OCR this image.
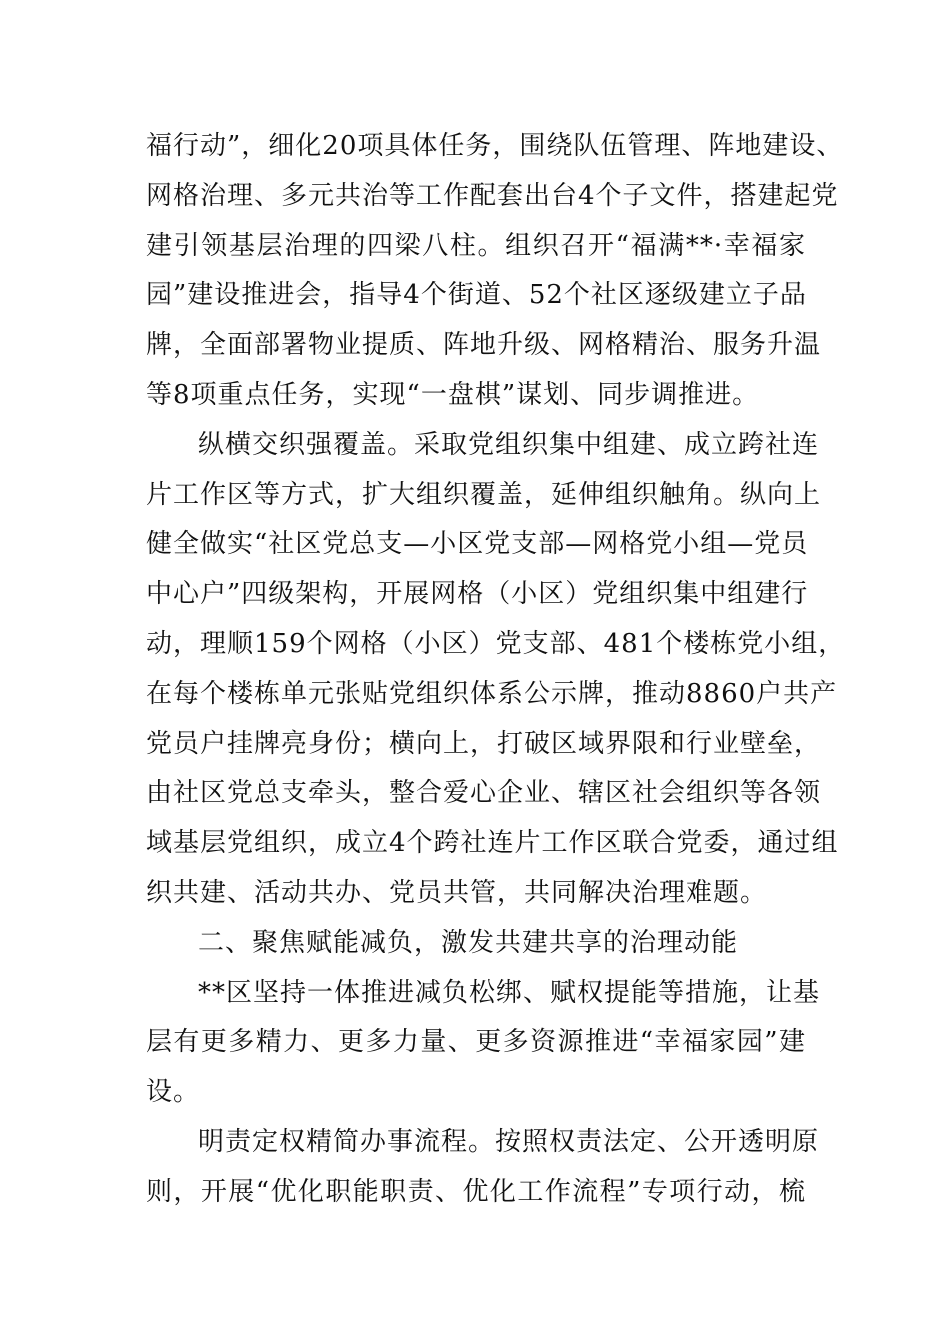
福行动”，细化20项具体任务，围绕队伍管理、阵地建设、
网格治理、多元共治等工作配套出台4个子文件，搭建起党
建引领基层治理的四梁八柱。组织召开“福满**·幸福家
园”建设推进会，指导4个街道、52个社区逐级建立子品
牌，全面部署物业提质、阵地升级、网格精治、服务升温
等8项重点任务，实现“一盘棋”谋划、同步调推进。
纵横交织强覆盖。采取党组织集中组建、成立跨社连
片工作区等方式，扩大组织覆盖，延伸组织触角。纵向上
健全做实“社区党总支—小区党支部—网格党小组—党员
中心户”四级架构，开展网格（小区）党组织集中组建行
动，理顺159个网格（小区）党支部、481个楼栋党小组，
在每个楼栋单元张贴党组织体系公示牌，推动8860户共产
党员户挂牌亮身份；横向上，打破区域界限和行业壁垒，
由社区党总支牵头，整合爱心企业、辖区社会组织等各领
域基层党组织，成立4个跨社连片工作区联合党委，通过组
织共建、活动共办、党员共管，共同解决治理难题。
二、聚焦赋能减负，激发共建共享的治理动能
**区坚持一体推进减负松绑、赋权提能等措施，让基
层有更多精力、更多力量、更多资源推进“幸福家园”建
设。
明责定权精简办事流程。按照权责法定、公开透明原
则，开展“优化职能职责、优化工作流程”专项行动，梳
